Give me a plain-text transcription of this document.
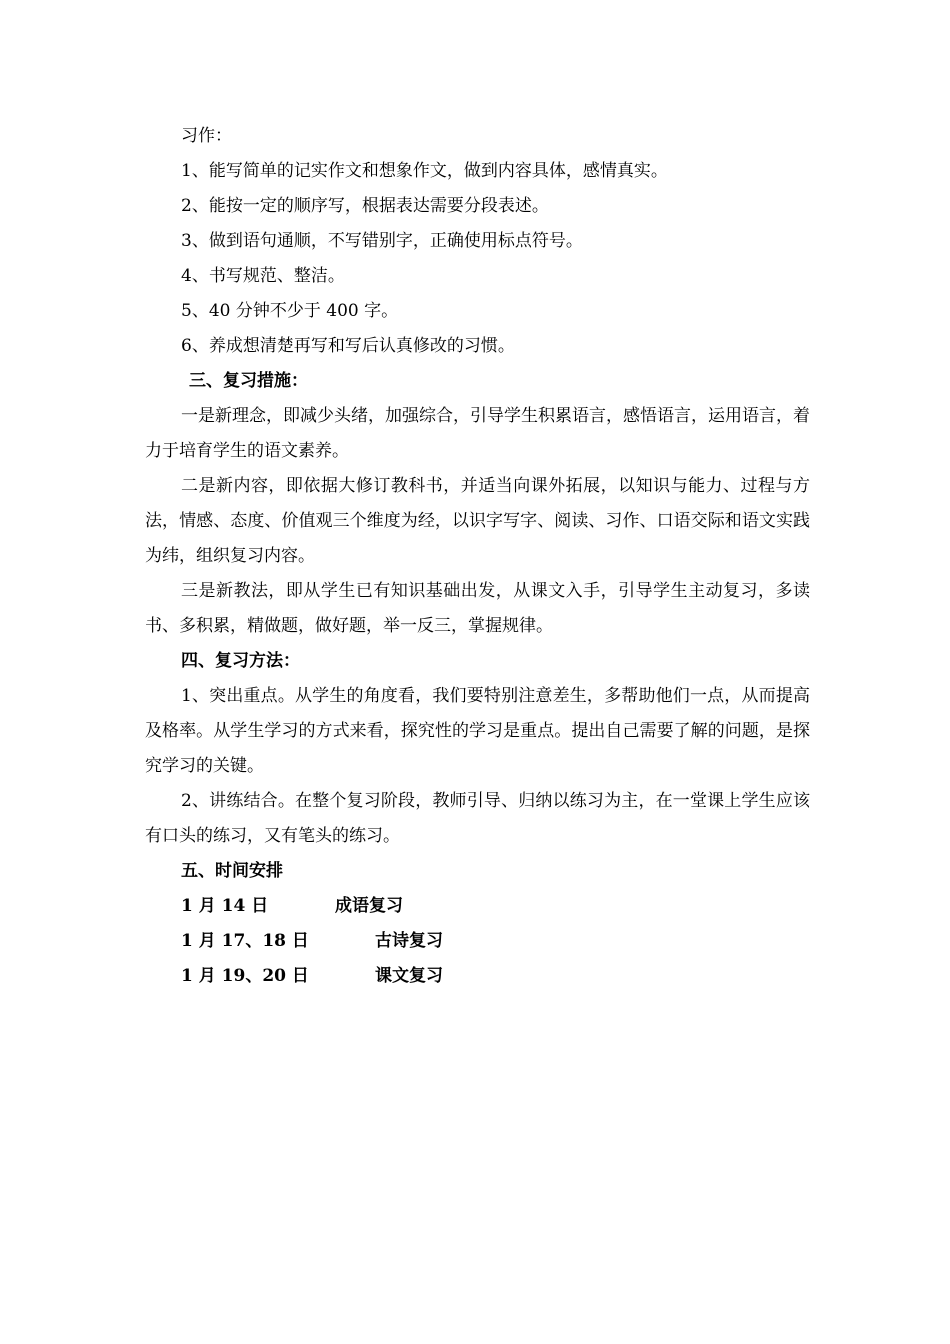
习作：

1、能写简单的记实作文和想象作文，做到内容具体，感情真实。

2、能按一定的顺序写，根据表达需要分段表述。

3、做到语句通顺，不写错别字，正确使用标点符号。

4、书写规范、整洁。

5、40 分钟不少于 400 字。

6、养成想清楚再写和写后认真修改的习惯。

三、复习措施：

一是新理念，即减少头绪，加强综合，引导学生积累语言，感悟语言，运用语言，着力于培育学生的语文素养。

二是新内容，即依据大修订教科书，并适当向课外拓展，以知识与能力、过程与方法，情感、态度、价值观三个维度为经，以识字写字、阅读、习作、口语交际和语文实践为纬，组织复习内容。

三是新教法，即从学生已有知识基础出发，从课文入手，引导学生主动复习，多读书、多积累，精做题，做好题，举一反三，掌握规律。

四、复习方法：

1、突出重点。从学生的角度看，我们要特别注意差生，多帮助他们一点，从而提高及格率。从学生学习的方式来看，探究性的学习是重点。提出自己需要了解的问题，是探究学习的关键。

2、讲练结合。在整个复习阶段，教师引导、归纳以练习为主，在一堂课上学生应该有口头的练习，又有笔头的练习。

五、时间安排

1 月 14 日	成语复习
1 月 17、18 日	古诗复习
1 月 19、20 日	课文复习
